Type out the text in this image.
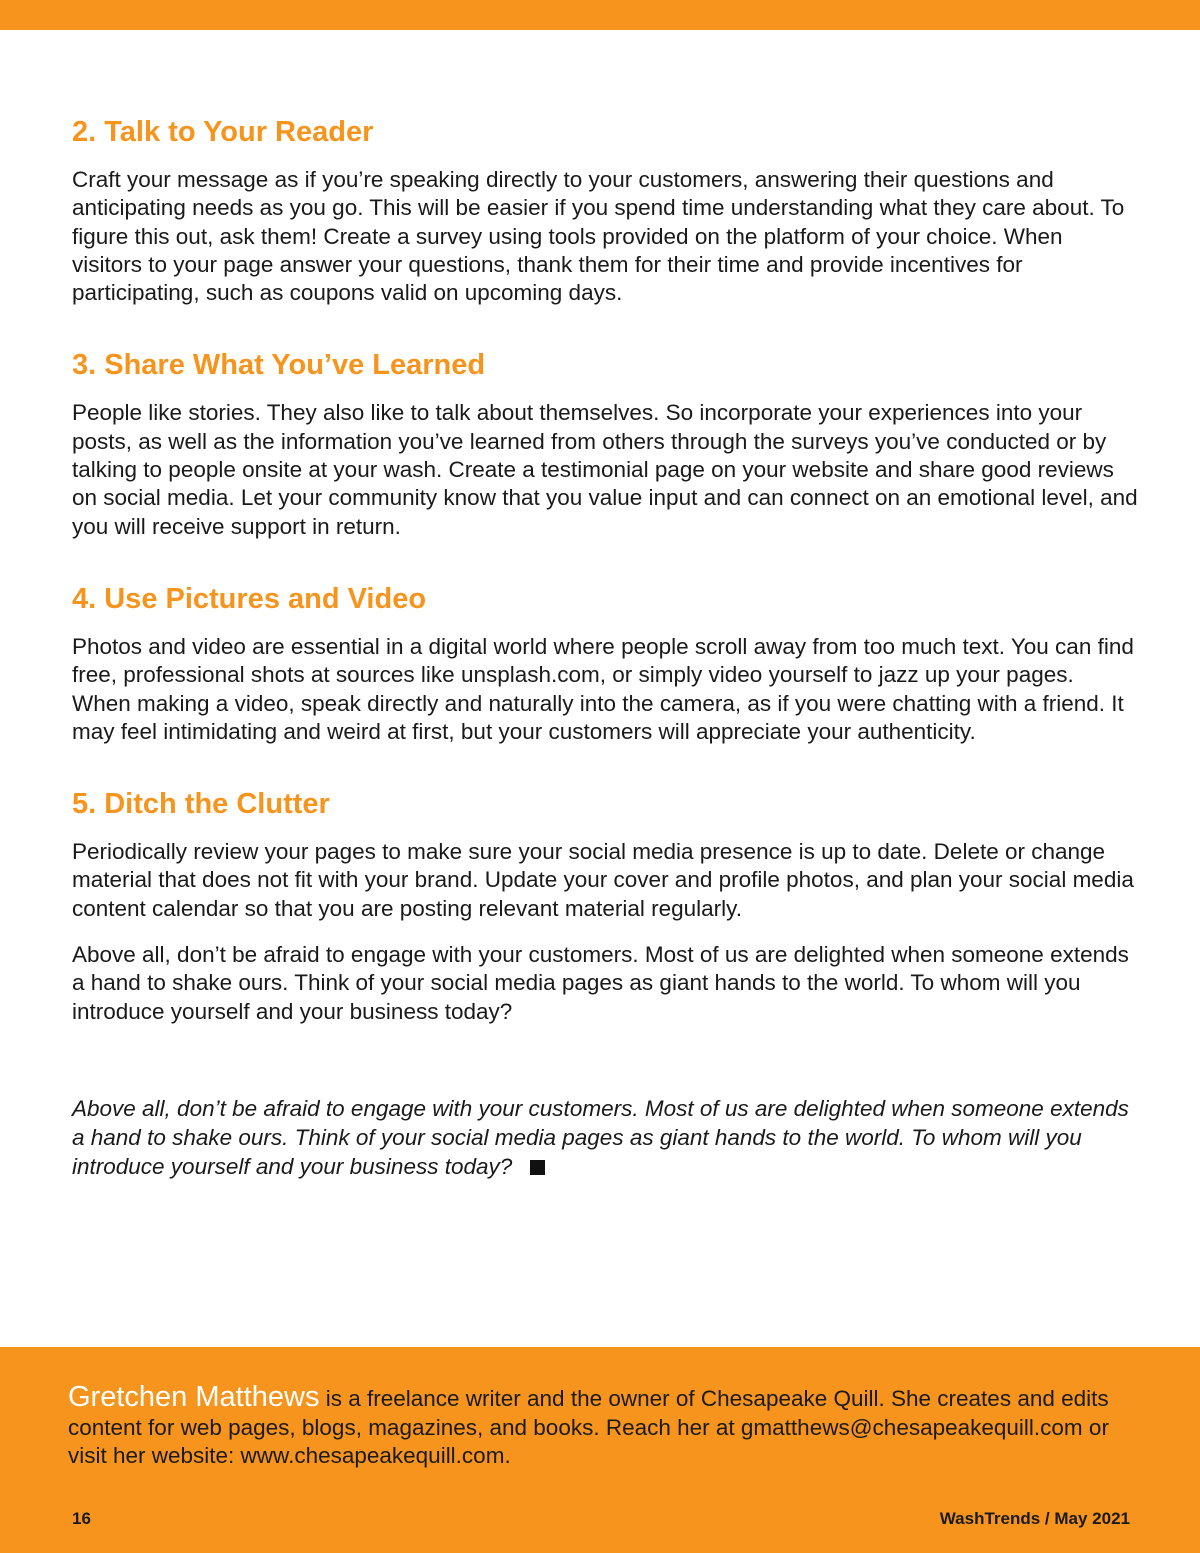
2. Talk to Your Reader

Craft your message as if you’re speaking directly to your customers, answering their questions and anticipating needs as you go. This will be easier if you spend time understanding what they care about. To figure this out, ask them! Create a survey using tools provided on the platform of your choice. When visitors to your page answer your questions, thank them for their time and provide incentives for participating, such as coupons valid on upcoming days.

3. Share What You’ve Learned

People like stories. They also like to talk about themselves. So incorporate your experiences into your posts, as well as the information you’ve learned from others through the surveys you’ve conducted or by talking to people onsite at your wash. Create a testimonial page on your website and share good reviews on social media. Let your community know that you value input and can connect on an emotional level, and you will receive support in return.

4. Use Pictures and Video

Photos and video are essential in a digital world where people scroll away from too much text. You can find free, professional shots at sources like unsplash.com, or simply video yourself to jazz up your pages. When making a video, speak directly and naturally into the camera, as if you were chatting with a friend. It may feel intimidating and weird at first, but your customers will appreciate your authenticity.

5. Ditch the Clutter

Periodically review your pages to make sure your social media presence is up to date. Delete or change material that does not fit with your brand. Update your cover and profile photos, and plan your social media content calendar so that you are posting relevant material regularly.

Above all, don’t be afraid to engage with your customers. Most of us are delighted when someone extends a hand to shake ours. Think of your social media pages as giant hands to the world. To whom will you introduce yourself and your business today?

Above all, don’t be afraid to engage with your customers. Most of us are delighted when someone extends a hand to shake ours. Think of your social media pages as giant hands to the world. To whom will you introduce yourself and your business today?

Gretchen Matthews is a freelance writer and the owner of Chesapeake Quill. She creates and edits content for web pages, blogs, magazines, and books. Reach her at gmatthews@chesapeakequill.com or visit her website: www.chesapeakequill.com.

16	WashTrends / May 2021
